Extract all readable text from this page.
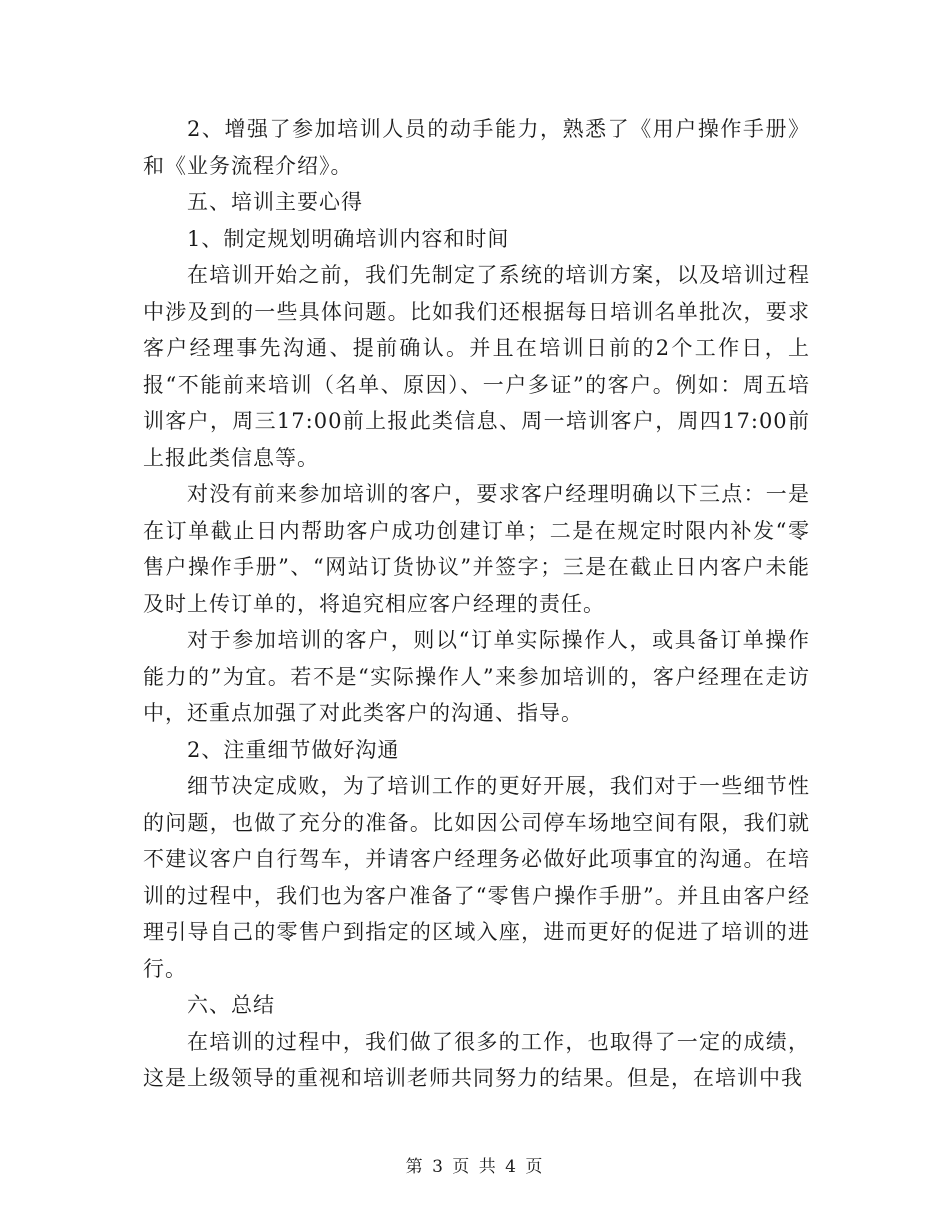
2、增强了参加培训人员的动手能力，熟悉了《用户操作手册》和《业务流程介绍》。

五、培训主要心得

1、制定规划明确培训内容和时间

在培训开始之前，我们先制定了系统的培训方案，以及培训过程中涉及到的一些具体问题。比如我们还根据每日培训名单批次，要求客户经理事先沟通、提前确认。并且在培训日前的2个工作日，上报“不能前来培训（名单、原因）、一户多证”的客户。例如：周五培训客户，周三17:00前上报此类信息、周一培训客户，周四17:00前上报此类信息等。

对没有前来参加培训的客户，要求客户经理明确以下三点：一是在订单截止日内帮助客户成功创建订单；二是在规定时限内补发“零售户操作手册”、“网站订货协议”并签字；三是在截止日内客户未能及时上传订单的，将追究相应客户经理的责任。

对于参加培训的客户，则以“订单实际操作人，或具备订单操作能力的”为宜。若不是“实际操作人”来参加培训的，客户经理在走访中，还重点加强了对此类客户的沟通、指导。

2、注重细节做好沟通

细节决定成败，为了培训工作的更好开展，我们对于一些细节性的问题，也做了充分的准备。比如因公司停车场地空间有限，我们就不建议客户自行驾车，并请客户经理务必做好此项事宜的沟通。在培训的过程中，我们也为客户准备了“零售户操作手册”。并且由客户经理引导自己的零售户到指定的区域入座，进而更好的促进了培训的进行。

六、总结

在培训的过程中，我们做了很多的工作，也取得了一定的成绩，这是上级领导的重视和培训老师共同努力的结果。但是，在培训中我

第 3 页 共 4 页
